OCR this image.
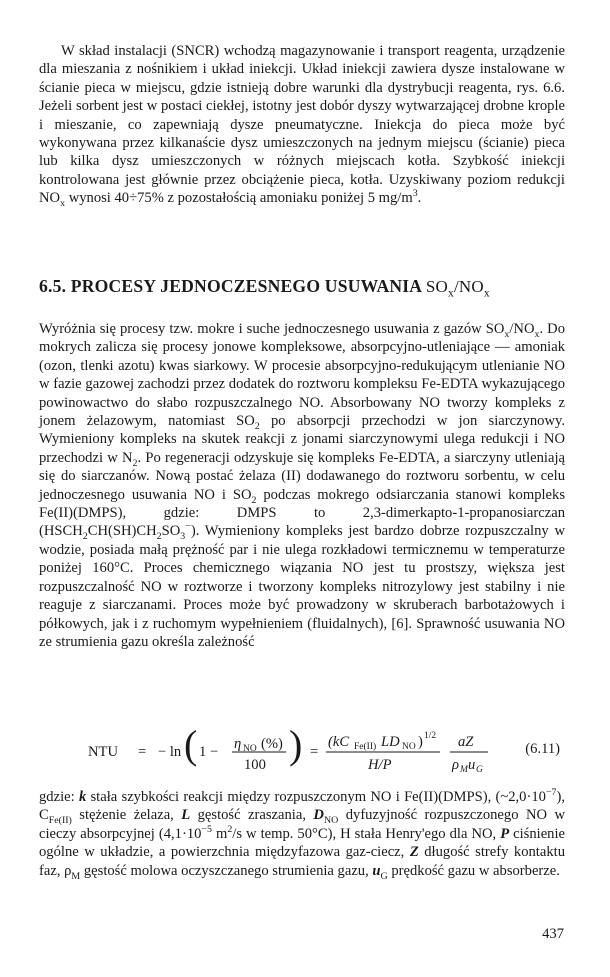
W skład instalacji (SNCR) wchodzą magazynowanie i transport reagenta, urządzenie dla mieszania z nośnikiem i układ iniekcji. Układ iniekcji zawiera dysze instalowane w ścianie pieca w miejscu, gdzie istnieją dobre warunki dla dystrybucji reagenta, rys. 6.6. Jeżeli sorbent jest w postaci ciekłej, istotny jest dobór dyszy wytwarzającej drobne krople i mieszanie, co zapewniają dysze pneumatyczne. Iniekcja do pieca może być wykonywana przez kilkanaście dysz umieszczonych na jednym miejscu (ścianie) pieca lub kilka dysz umieszczonych w różnych miejscach kotła. Szybkość iniekcji kontrolowana jest głównie przez obciążenie pieca, kotła. Uzyskiwany poziom redukcji $NO_x$ wynosi 40÷75% z pozostałością amoniaku poniżej 5 $mg/m^3$.

6.5. PROCESY JEDNOCZESNEGO USUWANIA $SO_x/NO_x$

Wyróżnia się procesy tzw. mokre i suche jednoczesnego usuwania z gazów $SO_x/NO_x$. Do mokrych zalicza się procesy jonowe kompleksowe, absorpcyjno-utleniające — amoniak (ozon, tlenki azotu) kwas siarkowy. W procesie absorpcyjno-redukującym utlenianie NO w fazie gazowej zachodzi przez dodatek do roztworu kompleksu Fe-EDTA wykazującego powinowactwo do słabo rozpuszczalnego NO. Absorbowany NO tworzy kompleks z jonem żelazowym, natomiast $SO_2$ po absorpcji przechodzi w jon siarczynowy. Wymieniony kompleks na skutek reakcji z jonami siarczynowymi ulega redukcji i NO przechodzi w $N_2$. Po regeneracji odzyskuje się kompleks Fe-EDTA, a siarczyny utleniają się do siarczanów. Nową postać żelaza (II) dodawanego do roztworu sorbentu, w celu jednoczesnego usuwania NO i $SO_2$ podczas mokrego odsiarczania stanowi kompleks Fe(II)(DMPS), gdzie: DMPS to 2,3-dimerkapto-1-propanosiarczan $(HSCH_2CH(SH)CH_2SO_3^-)$. Wymieniony kompleks jest bardzo dobrze rozpuszczalny w wodzie, posiada małą prężność par i nie ulega rozkładowi termicznemu w temperaturze poniżej 160°C. Proces chemicznego wiązania NO jest tu prostszy, większa jest rozpuszczalność NO w roztworze i tworzony kompleks nitrozylowy jest stabilny i nie reaguje z siarczanami. Proces może być prowadzony w skruberach barbotażowych i półkowych, jak i z ruchomym wypełnieniem (fluidalnych), [6]. Sprawność usuwania NO ze strumienia gazu określa zależność

NTU = − ln ( 1 − η NO (%)
100 ) =
(kC Fe(II) LD NO ) 1/2
H/P
aZ
ρ M u G
(6.11)

gdzie: k stała szybkości reakcji między rozpuszczonym NO i Fe(II)(DMPS), $(\sim 2,0\cdot 10^{-7})$, $C_{Fe(II)}$ stężenie żelaza, L gęstość zraszania, $D_{NO}$ dyfuzyjność rozpuszczonego NO w cieczy absorpcyjnej ($4,1\cdot 10^{-5}$ $m^2/s$ w temp. 50°C), H stała Henry'ego dla NO, P ciśnienie ogólne w układzie, a powierzchnia międzyfazowa gaz-ciecz, Z długość strefy kontaktu faz, $\rho_M$ gęstość molowa oczyszczanego strumienia gazu, $u_G$ prędkość gazu w absorberze.

437
